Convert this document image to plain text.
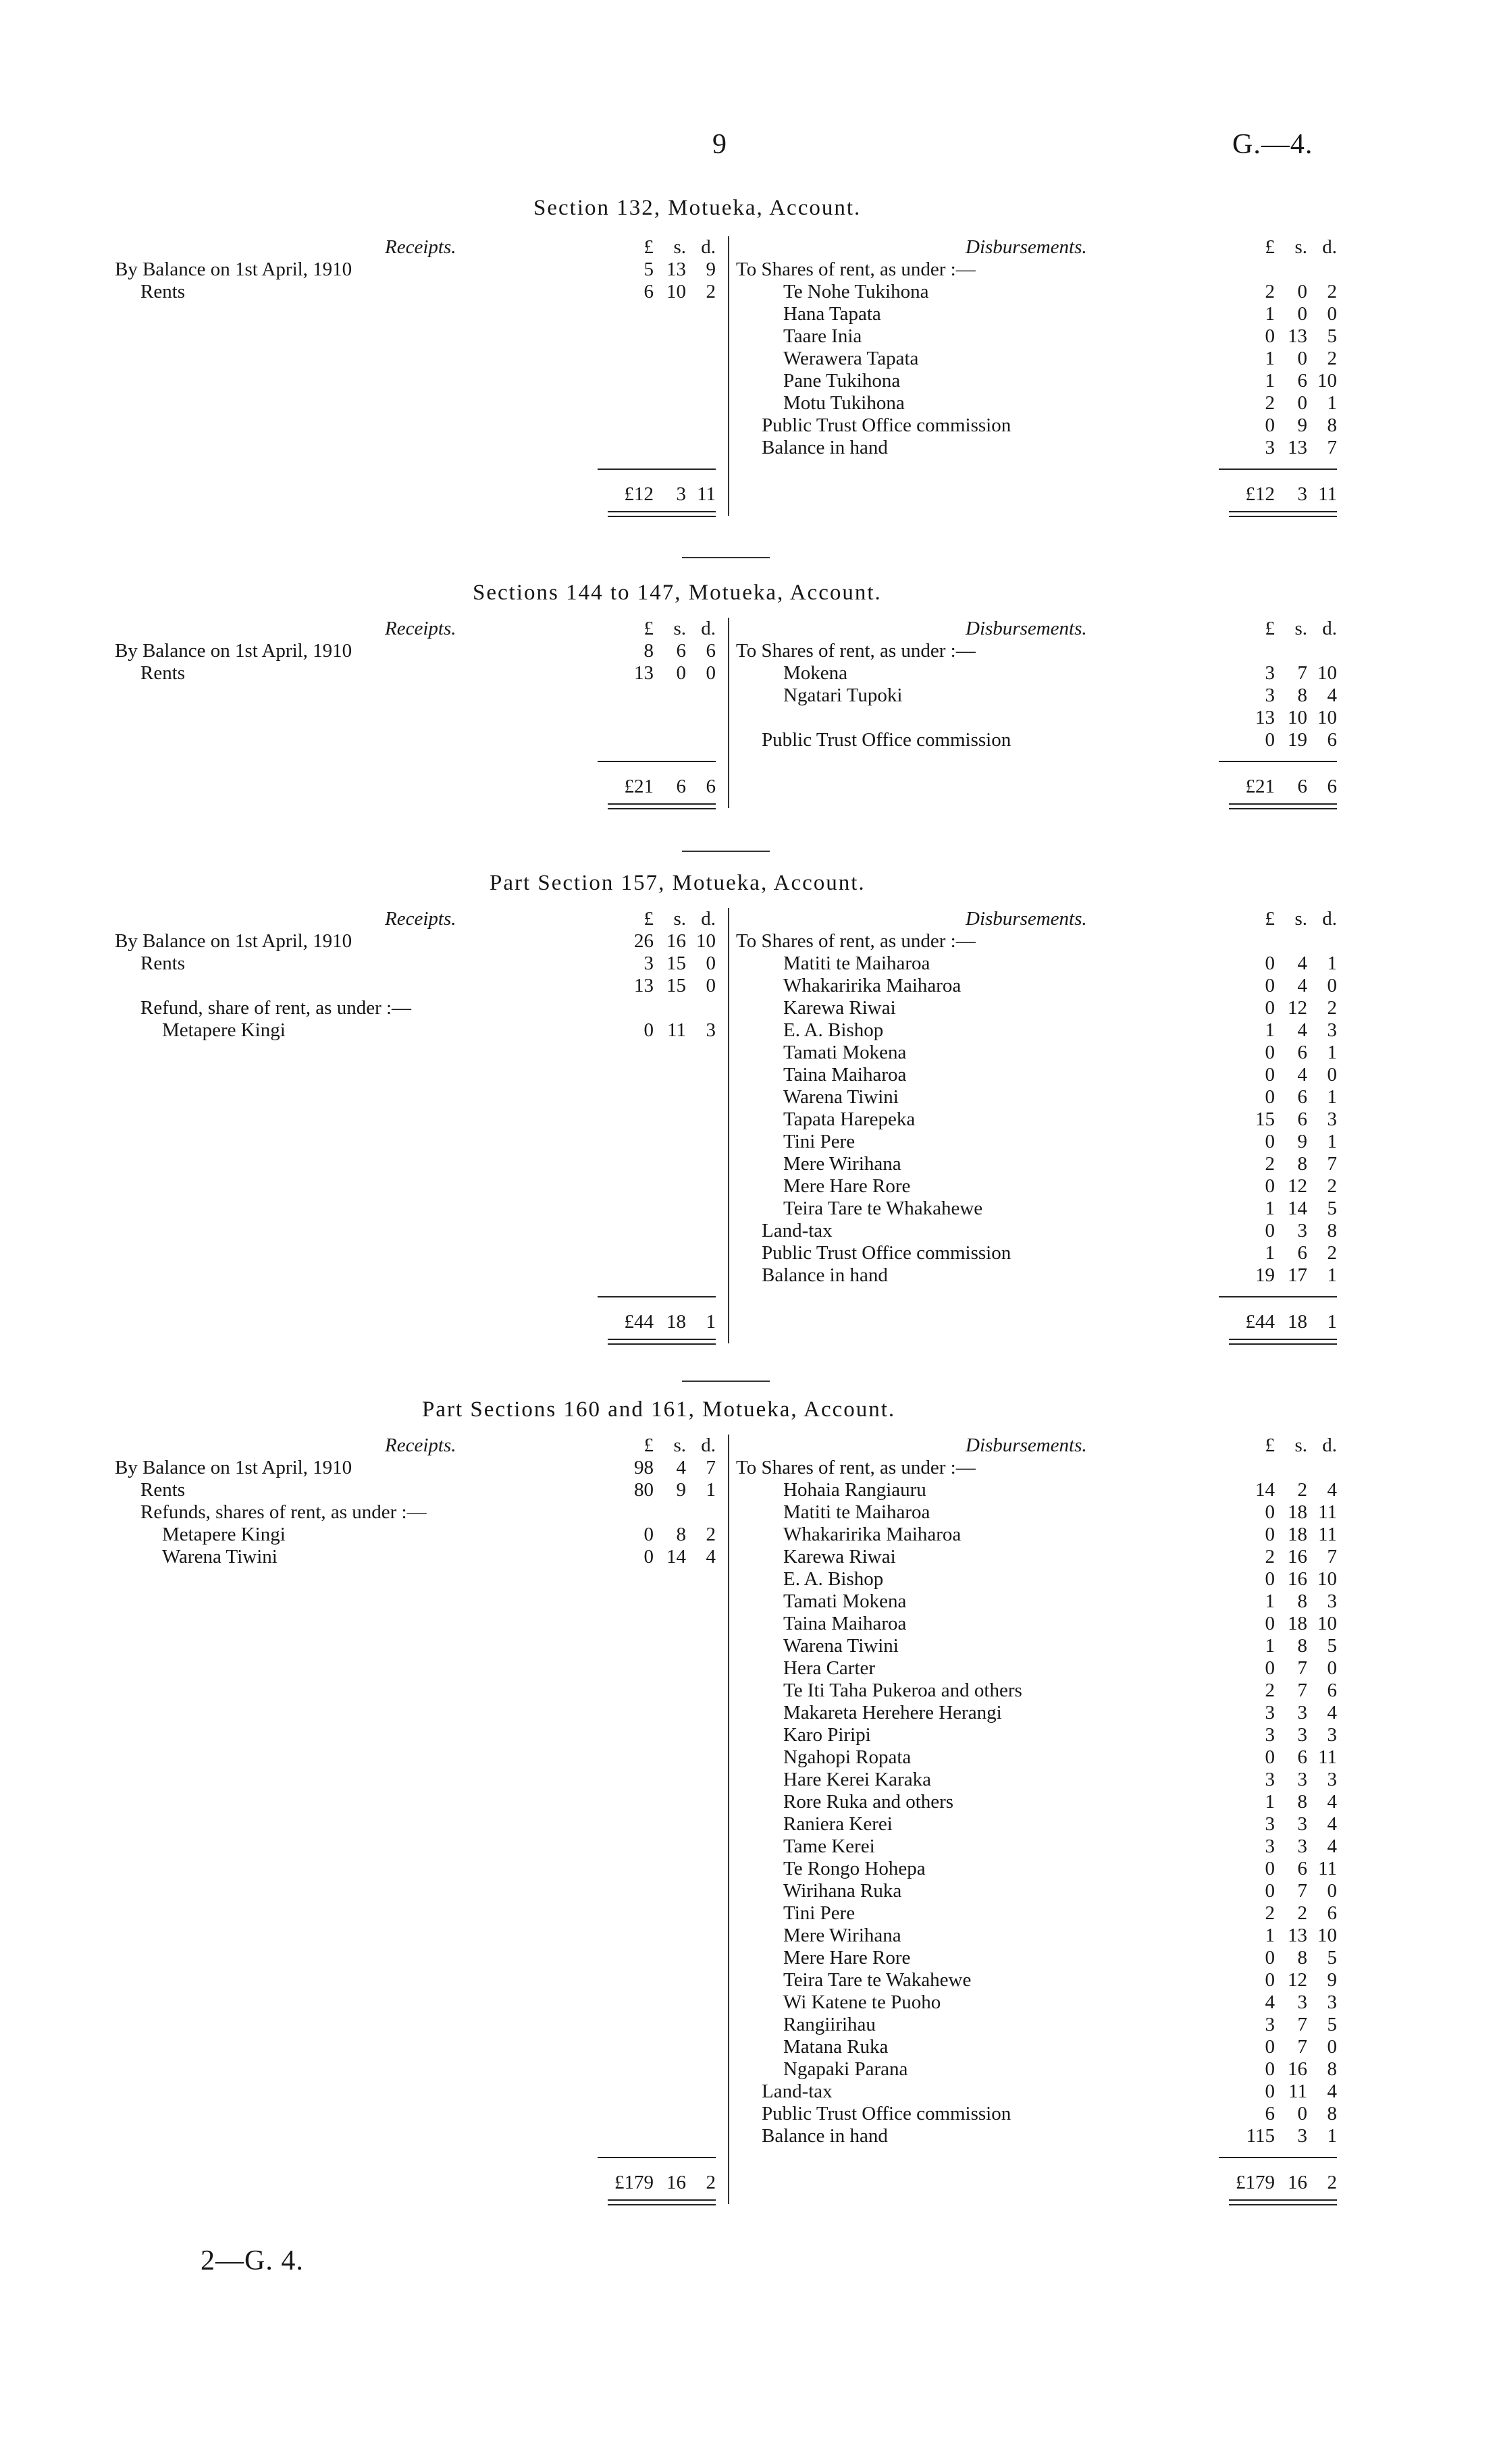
9	G.—4.
Section 132, Motueka, Account.
Receipts.	£	s. d.
By Balance on 1st April, 1910	5 13	9
Rents	6 10	2
£12	3 11
Disbursements.	£	s. d.
To Shares of rent, as under :—
Te Nohe Tukihona	2	0	2
Hana Tapata	1	0	0
Taare Inia	0 13	5
Werawera Tapata	1	0	2
Pane Tukihona	1	6 10
Motu Tukihona	2	0	1
Public Trust Office commission	0	9	8
Balance in hand	3 13	7
£12	3 11
Sections 144 to 147, Motueka, Account.
Receipts.	£	s. d.
By Balance on 1st April, 1910	8	6	6
Rents	13	0	0
£21	6	6
Disbursements.	£	s. d.
To Shares of rent, as under :—
Mokena	3	7 10
Ngatari Tupoki	3	8	4
13 10 10
Public Trust Office commission	0 19	6
£21	6	6
Part Section 157, Motueka, Account.
Receipts.	£	s. d.
By Balance on 1st April, 1910	26 16 10
Rents	3 15	0
13 15	0
Refund, share of rent, as under :—
Metapere Kingi	0 11	3
£44 18	1
Disbursements.	£	s. d.
To Shares of rent, as under :—
Matiti te Maiharoa	0	4	1
Whakaririka Maiharoa	0	4	0
Karewa Riwai	0 12	2
E. A. Bishop	1	4	3
Tamati Mokena	0	6	1
Taina Maiharoa	0	4	0
Warena Tiwini	0	6	1
Tapata Harepeka	15	6	3
Tini Pere	0	9	1
Mere Wirihana	2	8	7
Mere Hare Rore	0 12	2
Teira Tare te Whakahewe	1 14	5
Land-tax	0	3	8
Public Trust Office commission	1	6	2
Balance in hand	19 17	1
£44 18	1
Part Sections 160 and 161, Motueka, Account.
Receipts.	£	s. d.
By Balance on 1st April, 1910	98	4	7
Rents	80	9	1
Refunds, shares of rent, as under :—
Metapere Kingi	0	8	2
Warena Tiwini	0 14	4
£179 16	2
Disbursements.	£	s. d.
To Shares of rent, as under :—
Hohaia Rangiauru	14	2	4
Matiti te Maiharoa	0 18 11
Whakaririka Maiharoa	0 18 11
Karewa Riwai	2 16	7
E. A. Bishop	0 16 10
Tamati Mokena	1	8	3
Taina Maiharoa	0 18 10
Warena Tiwini	1	8	5
Hera Carter	0	7	0
Te Iti Taha Pukeroa and others	2	7	6
Makareta Herehere Herangi	3	3	4
Karo Piripi	3	3	3
Ngahopi Ropata	0	6 11
Hare Kerei Karaka	3	3	3
Rore Ruka and others	1	8	4
Raniera Kerei	3	3	4
Tame Kerei	3	3	4
Te Rongo Hohepa	0	6 11
Wirihana Ruka	0	7	0
Tini Pere	2	2	6
Mere Wirihana	1 13 10
Mere Hare Rore	0	8	5
Teira Tare te Wakahewe	0 12	9
Wi Katene te Puoho	4	3	3
Rangiirihau	3	7	5
Matana Ruka	0	7	0
Ngapaki Parana	0 16	8
Land-tax	0 11	4
Public Trust Office commission	6	0	8
Balance in hand	115	3	1
£179 16	2
2—G. 4.
